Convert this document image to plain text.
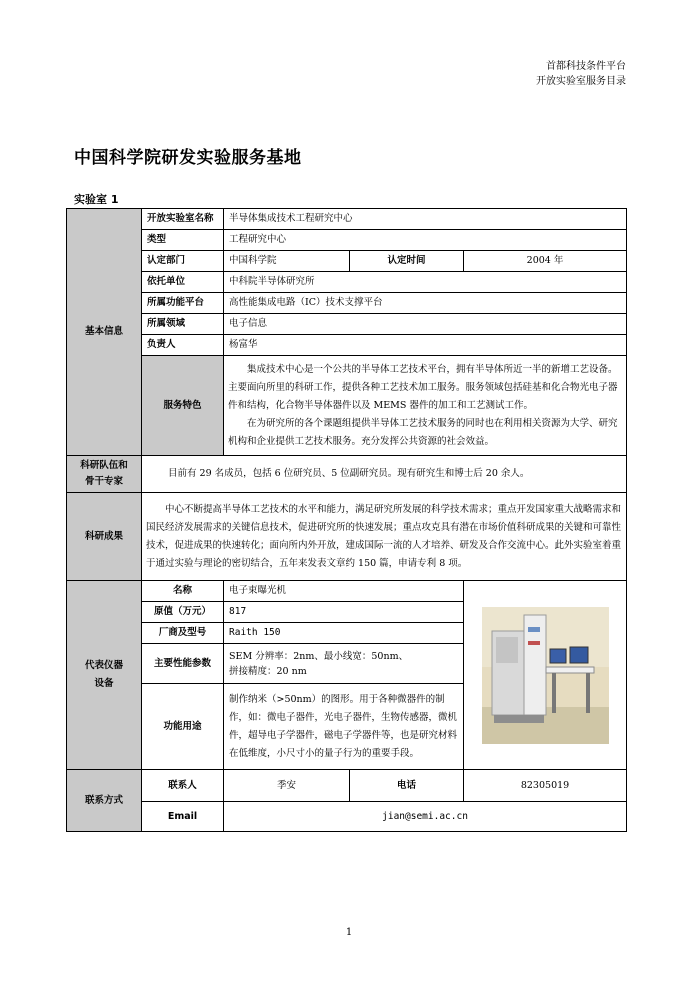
首都科技条件平台
开放实验室服务目录
中国科学院研发实验服务基地
实验室 1
基本信息	开放实验室名称	半导体集成技术工程研究中心		
	类型	工程研究中心		
	认定部门	中国科学院	认定时间	2004 年
	依托单位	中科院半导体研究所		
	所属功能平台	高性能集成电路（IC）技术支撑平台		
	所属领域	电子信息		
	负责人	杨富华		
	服务特色	集成技术中心是一个公共的半导体工艺技术平台，拥有半导体所近一半的新增工艺设备。主要面向所里的科研工作，提供各种工艺技术加工服务。服务领域包括硅基和化合物光电子器件和结构，化合物半导体器件以及 MEMS 器件的加工和工艺测试工作。

在为研究所的各个课题组提供半导体工艺技术服务的同时也在利用相关资源为大学、研究机构和企业提供工艺技术服务。充分发挥公共资源的社会效益。		

科研队伍和
骨干专家	目前有 29 名成员，包括 6 位研究员、5 位副研究员。现有研究生和博士后 20 余人。			
科研成果	中心不断提高半导体工艺技术的水平和能力，满足研究所发展的科学技术需求；重点开发国家重大战略需求和国民经济发展需求的关键信息技术，促进研究所的快速发展；重点攻克具有潜在市场价值科研成果的关键和可靠性技术，促进成果的快速转化；面向所内外开放，建成国际一流的人才培养、研发及合作交流中心。此外实验室着重于通过实验与理论的密切结合，五年来发表文章约 150 篇，申请专利 8 项。			

代表仪器
设备	名称	电子束曝光机	

	原值（万元）	817		
	厂商及型号	Raith 150		
	主要性能参数	SEM 分辨率：2nm、最小线宽：50nm、
拼接精度：20 nm		

	功能用途	制作纳米（>50nm）的图形。用于各种微器件的制作，如：微电子器件，光电子器件，生物传感器，微机件，超导电子学器件，磁电子学器件等，也是研究材料在低维度，小尺寸小的量子行为的重要手段。		
联系方式	联系人	季安	电话	82305019
	Email	jian@semi.ac.cn		
1
